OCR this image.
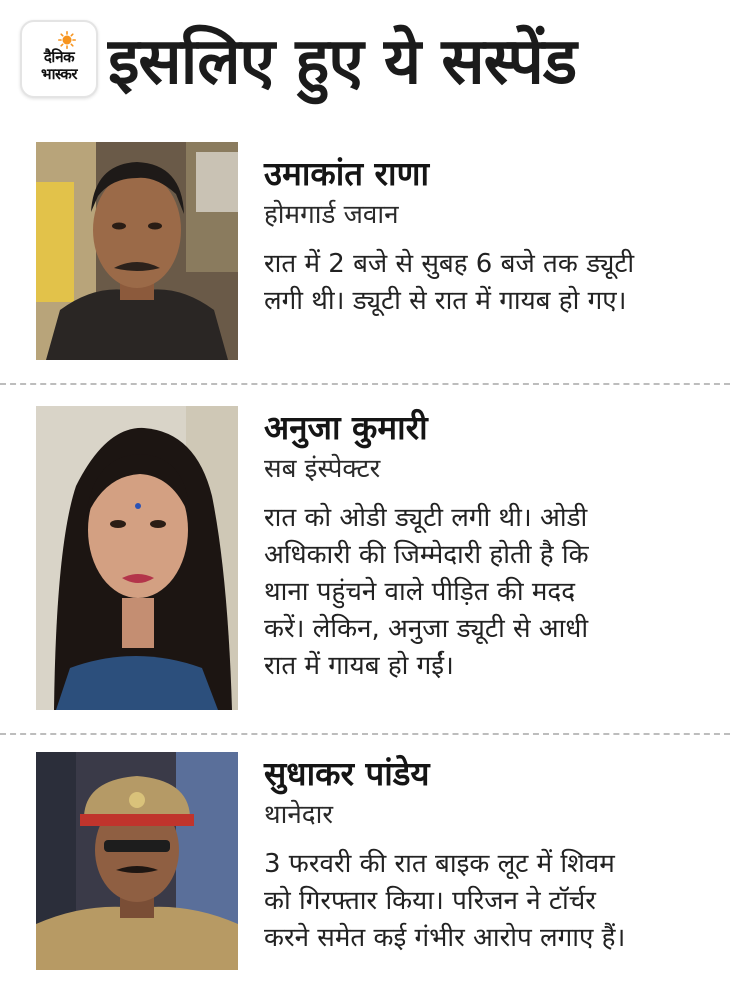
दैनिक
भास्कर इसलिए हुए ये सस्पेंड
उमाकांत राणा
होमगार्ड जवान
रात में 2 बजे से सुबह 6 बजे तक ड्यूटी
लगी थी। ड्यूटी से रात में गायब हो गए।
अनुजा कुमारी
सब इंस्पेक्टर
रात को ओडी ड्यूटी लगी थी। ओडी
अधिकारी की जिम्मेदारी होती है कि
थाना पहुंचने वाले पीड़ित की मदद
करें। लेकिन, अनुजा ड्यूटी से आधी
रात में गायब हो गईं।
सुधाकर पांडेय
थानेदार
3 फरवरी की रात बाइक लूट में शिवम
को गिरफ्तार किया। परिजन ने टॉर्चर
करने समेत कई गंभीर आरोप लगाए हैं।
